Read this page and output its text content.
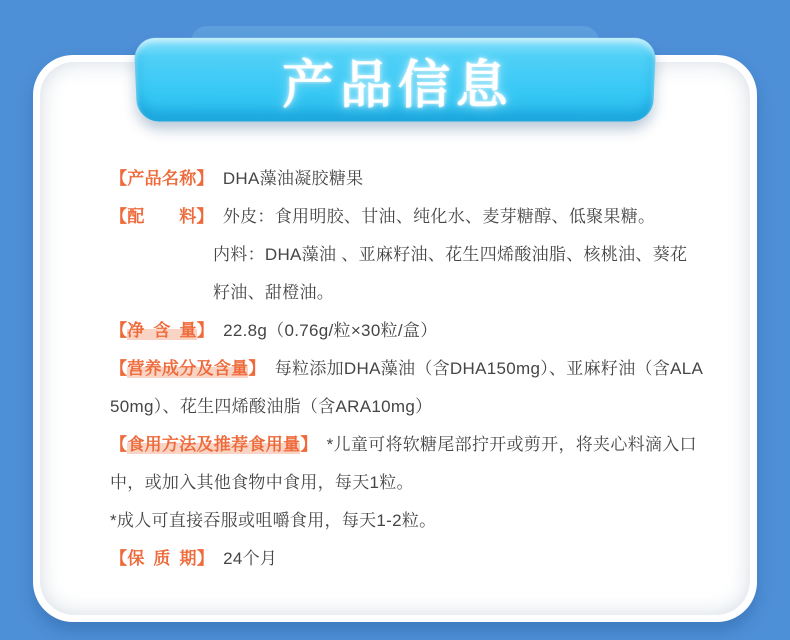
【产品名称】 DHA藻油凝胶糖果
【配　　料】 外皮：食用明胶、甘油、纯化水、麦芽糖醇、低聚果糖。
内料：DHA藻油 、亚麻籽油、花生四烯酸油脂、核桃油、葵花
籽油、甜橙油。
【净 含 量】 22.8g（0.76g/粒×30粒/盒）
【营养成分及含量】 每粒添加DHA藻油（含DHA150mg）、亚麻籽油（含ALA
50mg）、花生四烯酸油脂（含ARA10mg）
【食用方法及推荐食用量】 *儿童可将软糖尾部拧开或剪开，将夹心料滴入口
中，或加入其他食物中食用，每天1粒。
*成人可直接吞服或咀嚼食用，每天1-2粒。
【保 质 期】 24个月
产品信息
